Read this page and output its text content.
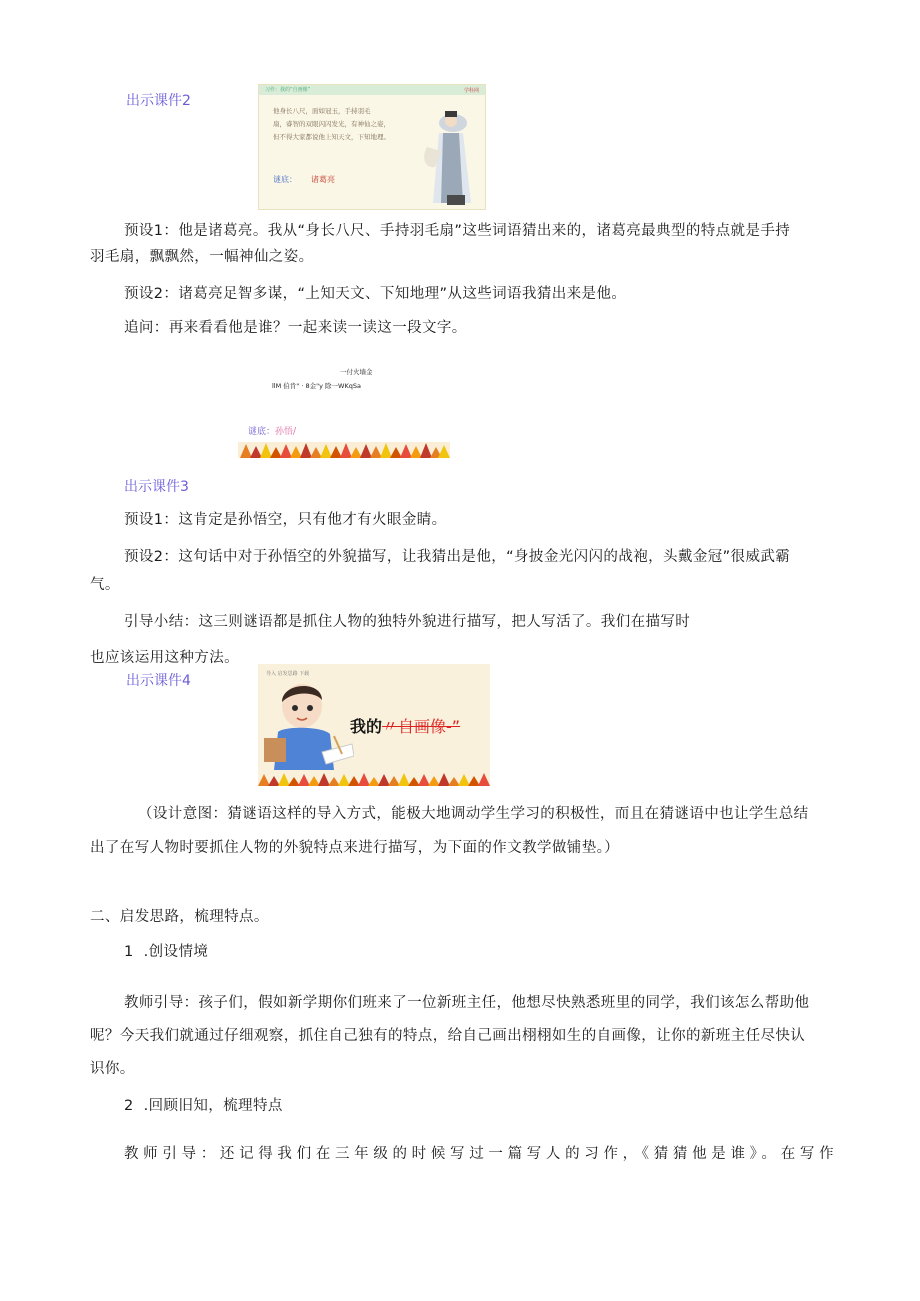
出示课件2
习作：我的“自画像”	学科网
他身长八尺，面如冠玉，手持羽毛
扇，睿智的双眼闪闪发光，有神仙之姿，
但不得大家都说他上知天文，下知地理。
谜底： 诸葛亮
预设1：他是诸葛亮。我从“身长八尺、手持羽毛扇”这些词语猜出来的，诸葛亮最典型的特点就是手持
羽毛扇，飘飘然，一幅神仙之姿。
预设2：诸葛亮足智多谋，“上知天文、下知地理”从这些词语我猜出来是他。
追问：再来看看他是谁？一起来读一读这一段文字。
一付火墙金
llM 伯肯" · 8金"y 除一WKqSa
谜底：孙悟/
出示课件3
预设1：这肯定是孙悟空，只有他才有火眼金睛。
预设2：这句话中对于孙悟空的外貌描写，让我猜出是他，“身披金光闪闪的战袍，头戴金冠”很威武霸
气。
引导小结：这三则谜语都是抓住人物的独特外貌进行描写，把人写活了。我们在描写时
也应该运用这种方法。
出示课件4	导入 启发思路 下载
我的〃自画像-”
（设计意图：猜谜语这样的导入方式，能极大地调动学生学习的积极性，而且在猜谜语中也让学生总结
出了在写人物时要抓住人物的外貌特点来进行描写，为下面的作文教学做铺垫。）
二、启发思路，梳理特点。
1  .创设情境
教师引导：孩子们，假如新学期你们班来了一位新班主任，他想尽快熟悉班里的同学，我们该怎么帮助他
呢？今天我们就通过仔细观察，抓住自己独有的特点，给自己画出栩栩如生的自画像，让你的新班主任尽快认
识你。
2  .回顾旧知，梳理特点
教师引导：还记得我们在三年级的时候写过一篇写人的习作，《猜猜他是谁》。在写作
